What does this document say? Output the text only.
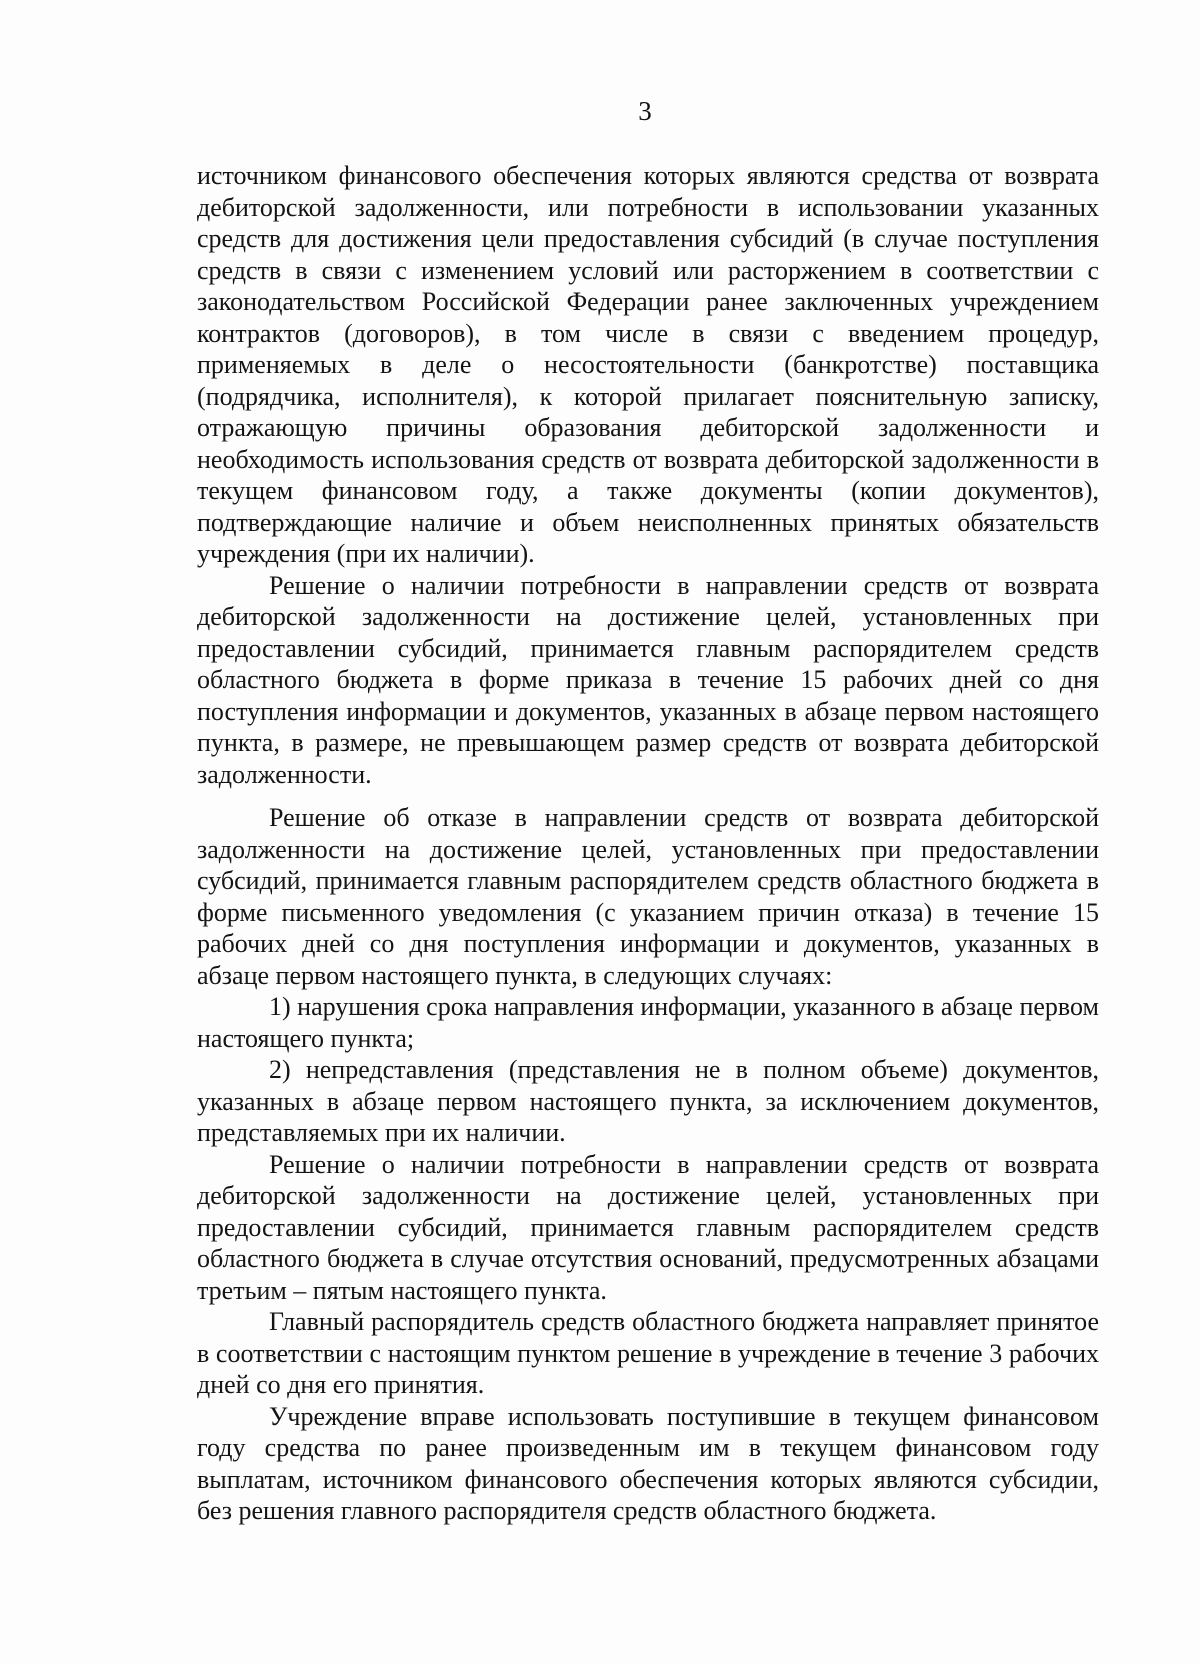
3

источником финансового обеспечения которых являются средства от возврата дебиторской задолженности, или потребности в использовании указанных средств для достижения цели предоставления субсидий (в случае поступления средств в связи с изменением условий или расторжением в соответствии с законодательством Российской Федерации ранее заключенных учреждением контрактов (договоров), в том числе в связи с введением процедур, применяемых в деле о несостоятельности (банкротстве) поставщика (подрядчика, исполнителя), к которой прилагает пояснительную записку, отражающую причины образования дебиторской задолженности и необходимость использования средств от возврата дебиторской задолженности в текущем финансовом году, а также документы (копии документов), подтверждающие наличие и объем неисполненных принятых обязательств учреждения (при их наличии).

Решение о наличии потребности в направлении средств от возврата дебиторской задолженности на достижение целей, установленных при предоставлении субсидий, принимается главным распорядителем средств областного бюджета в форме приказа в течение 15 рабочих дней со дня поступления информации и документов, указанных в абзаце первом настоящего пункта, в размере, не превышающем размер средств от возврата дебиторской задолженности.

Решение об отказе в направлении средств от возврата дебиторской задолженности на достижение целей, установленных при предоставлении субсидий, принимается главным распорядителем средств областного бюджета в форме письменного уведомления (с указанием причин отказа) в течение 15 рабочих дней со дня поступления информации и документов, указанных в абзаце первом настоящего пункта, в следующих случаях:

1) нарушения срока направления информации, указанного в абзаце первом настоящего пункта;

2) непредставления (представления не в полном объеме) документов, указанных в абзаце первом настоящего пункта, за исключением документов, представляемых при их наличии.

Решение о наличии потребности в направлении средств от возврата дебиторской задолженности на достижение целей, установленных при предоставлении субсидий, принимается главным распорядителем средств областного бюджета в случае отсутствия оснований, предусмотренных абзацами третьим – пятым настоящего пункта.

Главный распорядитель средств областного бюджета направляет принятое в соответствии с настоящим пунктом решение в учреждение в течение 3 рабочих дней со дня его принятия.

Учреждение вправе использовать поступившие в текущем финансовом году средства по ранее произведенным им в текущем финансовом году выплатам, источником финансового обеспечения которых являются субсидии, без решения главного распорядителя средств областного бюджета.
